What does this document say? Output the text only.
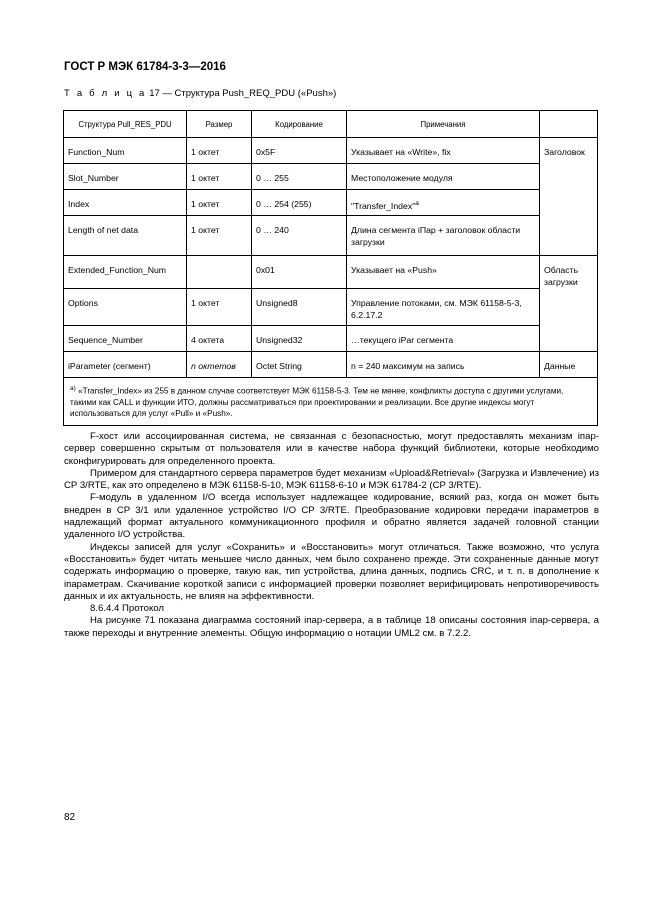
ГОСТ Р МЭК 61784-3-3—2016
Т а б л и ц а 17 — Структура Push_REQ_PDU («Push»)
Структура Pull_RES_PDU	Размер	Кодирование	Примечания	
Function_Num	1 октет	0x5F	Указывает на «Write», fix	Заголовок
Slot_Number	1 октет	0 … 255	Местоположение модуля	
Index	1 октет	0 … 254 (255)	"Transfer_Index"$^а$	
Length of net data	1 октет	0 … 240	Длина сегмента iПар + заголовок области загрузки	
Extended_Function_Num		0x01	Указывает на «Push»	Область загрузки
Options	1 октет	Unsigned8	Управление потоками, см. МЭК 61158-5-3, 6.2.17.2	
Sequence_Number	4 октета	Unsigned32	…текущего iPar сегмента	
iParameter (сегмент)	n октетов	Octet String	n = 240 максимум на запись	Данные
$^{а)}$ «Transfer_Index» из 255 в данном случае соответствует МЭК 61158-5-3. Тем не менее, конфликты доступа с другими услугами, такими как CALL и функции ИТО, должны рассматриваться при проектировании и реализации. Все другие индексы могут использоваться для услуг «Pull» и «Push».				

F-хост или ассоциированная система, не связанная с безопасностью, могут предоставлять механизм iпар-сервер совершенно скрытым от пользователя или в качестве набора функций библиотеки, которые необходимо сконфигурировать для определенного проекта.

Примером для стандартного сервера параметров будет механизм «Upload&Retrieval» (Загрузка и Извлечение) из CP 3/RTE, как это определено в МЭК 61158-5-10, МЭК 61158-6-10 и МЭК 61784-2 (CP 3/RTE).

F-модуль в удаленном I/O всегда использует надлежащее кодирование, всякий раз, когда он может быть внедрен в CP 3/1 или удаленное устройство I/O CP 3/RTE. Преобразование кодировки передачи iпараметров в надлежащий формат актуального коммуникационного профиля и обратно является задачей головной станции удаленного I/O устройства.

Индексы записей для услуг «Сохранить» и «Восстановить» могут отличаться. Также возможно, что услуга «Восстановить» будет читать меньшее число данных, чем было сохранено прежде. Эти сохраненные данные могут содержать информацию о проверке, такую как, тип устройства, длина данных, подпись CRC, и т. п. в дополнение к iпараметрам. Скачивание короткой записи с информацией проверки позволяет верифицировать непротиворечивость данных и их актуальность, не влияя на эффективности.

8.6.4.4 Протокол

На рисунке 71 показана диаграмма состояний iпар-сервера, а в таблице 18 описаны состояния iпар-сервера, а также переходы и внутренние элементы. Общую информацию о нотации UML2 см. в 7.2.2.

82
